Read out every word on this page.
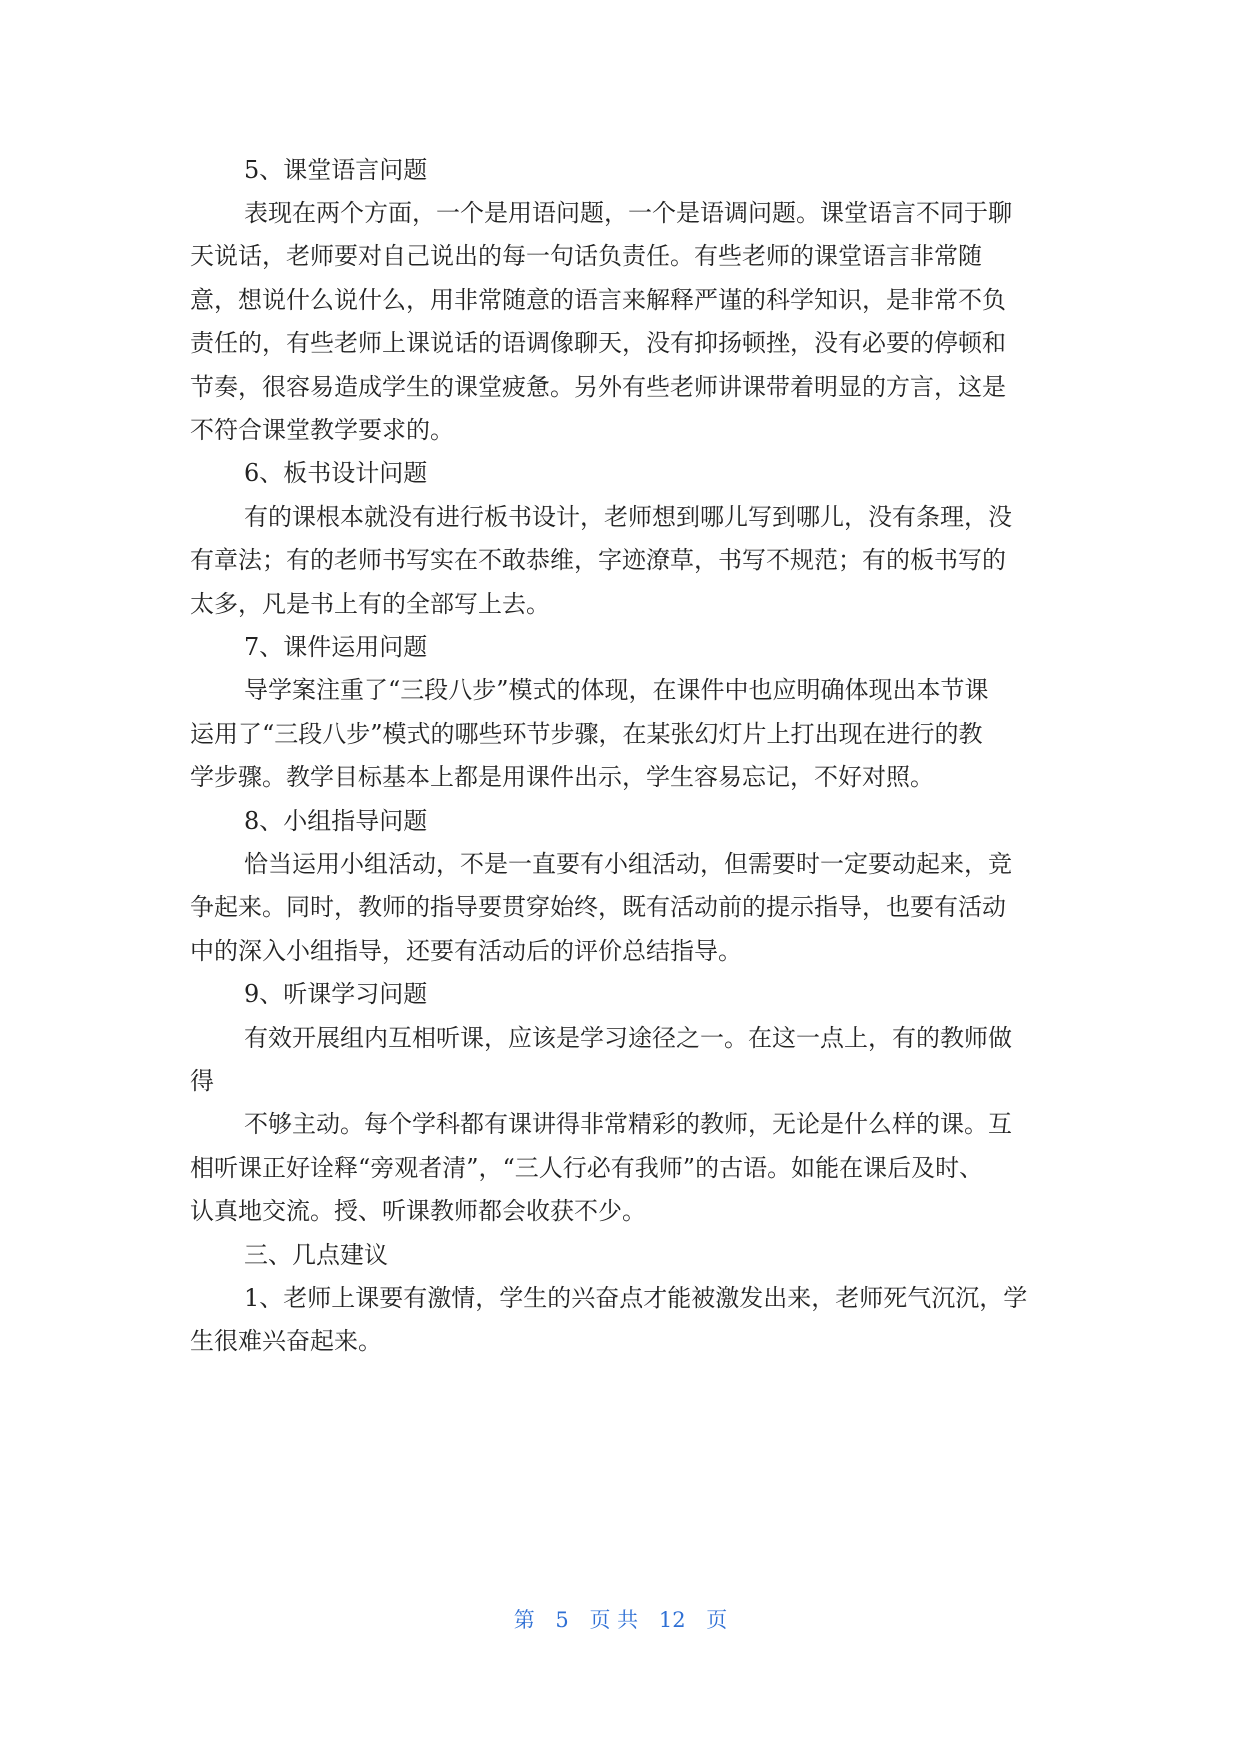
5、课堂语言问题
表现在两个方面，一个是用语问题，一个是语调问题。课堂语言不同于聊
天说话，老师要对自己说出的每一句话负责任。有些老师的课堂语言非常随
意，想说什么说什么，用非常随意的语言来解释严谨的科学知识，是非常不负
责任的，有些老师上课说话的语调像聊天，没有抑扬顿挫，没有必要的停顿和
节奏，很容易造成学生的课堂疲惫。另外有些老师讲课带着明显的方言，这是
不符合课堂教学要求的。
6、板书设计问题
有的课根本就没有进行板书设计，老师想到哪儿写到哪儿，没有条理，没
有章法；有的老师书写实在不敢恭维，字迹潦草，书写不规范；有的板书写的
太多，凡是书上有的全部写上去。
7、课件运用问题
导学案注重了“三段八步”模式的体现，在课件中也应明确体现出本节课
运用了“三段八步”模式的哪些环节步骤，在某张幻灯片上打出现在进行的教
学步骤。教学目标基本上都是用课件出示，学生容易忘记，不好对照。
8、小组指导问题
恰当运用小组活动，不是一直要有小组活动，但需要时一定要动起来，竞
争起来。同时，教师的指导要贯穿始终，既有活动前的提示指导，也要有活动
中的深入小组指导，还要有活动后的评价总结指导。
9、听课学习问题
有效开展组内互相听课，应该是学习途径之一。在这一点上，有的教师做
得
不够主动。每个学科都有课讲得非常精彩的教师，无论是什么样的课。互
相听课正好诠释“旁观者清”，“三人行必有我师”的古语。如能在课后及时、
认真地交流。授、听课教师都会收获不少。
三、几点建议
1、老师上课要有激情，学生的兴奋点才能被激发出来，老师死气沉沉，学
生很难兴奋起来。
第 5 页 共 12 页
